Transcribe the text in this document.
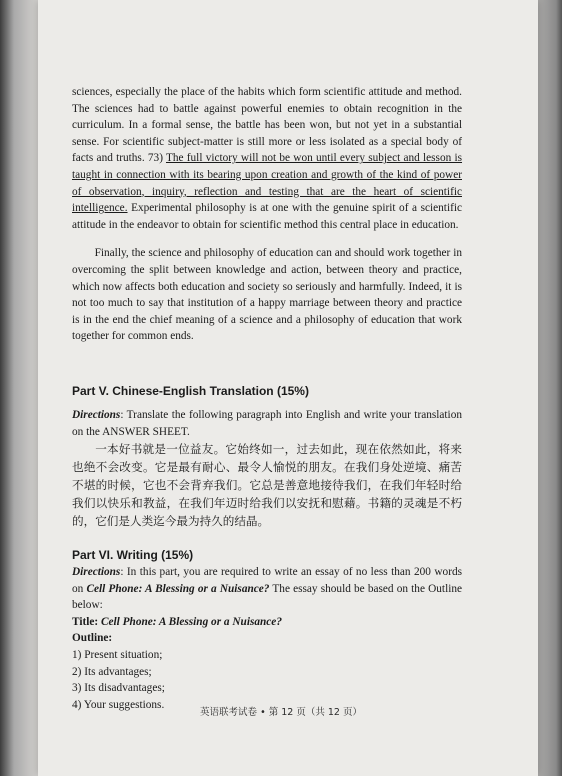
sciences, especially the place of the habits which form scientific attitude and method. The sciences had to battle against powerful enemies to obtain recognition in the curriculum. In a formal sense, the battle has been won, but not yet in a substantial sense. For scientific subject-matter is still more or less isolated as a special body of facts and truths. 73) The full victory will not be won until every subject and lesson is taught in connection with its bearing upon creation and growth of the kind of power of observation, inquiry, reflection and testing that are the heart of scientific intelligence. Experimental philosophy is at one with the genuine spirit of a scientific attitude in the endeavor to obtain for scientific method this central place in education.

Finally, the science and philosophy of education can and should work together in overcoming the split between knowledge and action, between theory and practice, which now affects both education and society so seriously and harmfully. Indeed, it is not too much to say that institution of a happy marriage between theory and practice is in the end the chief meaning of a science and a philosophy of education that work together for common ends.

Part V. Chinese-English Translation (15%)

Directions: Translate the following paragraph into English and write your translation on the ANSWER SHEET.

一本好书就是一位益友。它始终如一，过去如此，现在依然如此，将来也绝不会改变。它是最有耐心、最令人愉悦的朋友。在我们身处逆境、痛苦不堪的时候，它也不会背弃我们。它总是善意地接待我们，在我们年轻时给我们以快乐和教益，在我们年迈时给我们以安抚和慰藉。书籍的灵魂是不朽的，它们是人类迄今最为持久的结晶。

Part VI. Writing (15%)

Directions: In this part, you are required to write an essay of no less than 200 words on Cell Phone: A Blessing or a Nuisance? The essay should be based on the Outline below:

Title: Cell Phone: A Blessing or a Nuisance?

Outline:

1) Present situation;

2) Its advantages;

3) Its disadvantages;

4) Your suggestions.

英语联考试卷 • 第 12 页（共 12 页）
